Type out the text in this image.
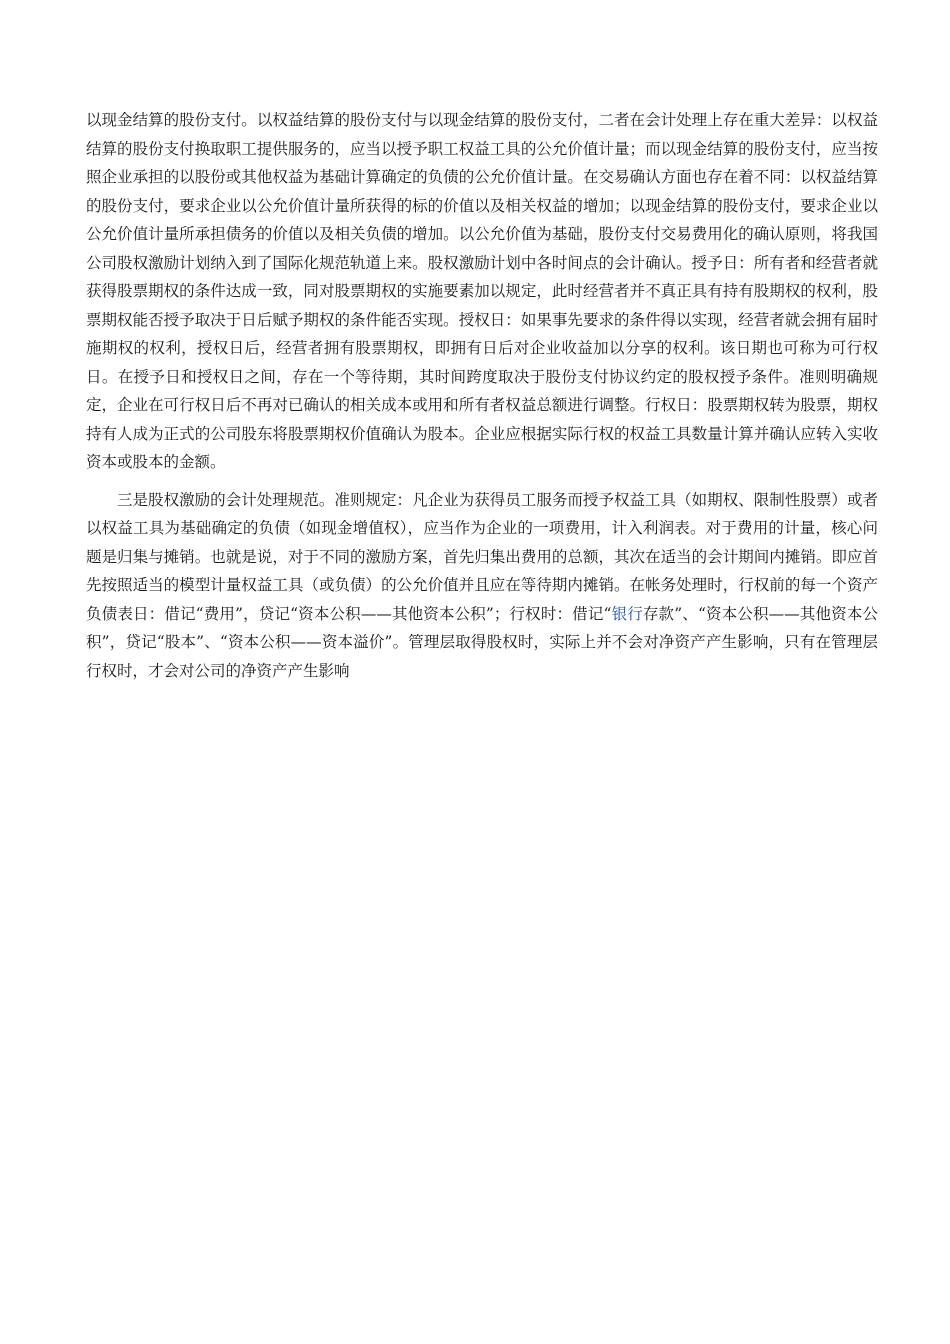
以现金结算的股份支付。以权益结算的股份支付与以现金结算的股份支付，二者在会计处理上存在重大差异：以权益结算的股份支付换取职工提供服务的，应当以授予职工权益工具的公允价值计量；而以现金结算的股份支付，应当按照企业承担的以股份或其他权益为基础计算确定的负债的公允价值计量。在交易确认方面也存在着不同：以权益结算的股份支付，要求企业以公允价值计量所获得的标的价值以及相关权益的增加；以现金结算的股份支付，要求企业以公允价值计量所承担债务的价值以及相关负债的增加。以公允价值为基础，股份支付交易费用化的确认原则，将我国公司股权激励计划纳入到了国际化规范轨道上来。股权激励计划中各时间点的会计确认。授予日：所有者和经营者就获得股票期权的条件达成一致，同对股票期权的实施要素加以规定，此时经营者并不真正具有持有股期权的权利，股票期权能否授予取决于日后赋予期权的条件能否实现。授权日：如果事先要求的条件得以实现，经营者就会拥有届时施期权的权利，授权日后，经营者拥有股票期权，即拥有日后对企业收益加以分享的权利。该日期也可称为可行权日。在授予日和授权日之间，存在一个等待期，其时间跨度取决于股份支付协议约定的股权授予条件。准则明确规定，企业在可行权日后不再对已确认的相关成本或用和所有者权益总额进行调整。行权日：股票期权转为股票，期权持有人成为正式的公司股东将股票期权价值确认为股本。企业应根据实际行权的权益工具数量计算并确认应转入实收资本或股本的金额。

三是股权激励的会计处理规范。准则规定：凡企业为获得员工服务而授予权益工具（如期权、限制性股票）或者以权益工具为基础确定的负债（如现金增值权），应当作为企业的一项费用，计入利润表。对于费用的计量，核心问题是归集与摊销。也就是说，对于不同的激励方案，首先归集出费用的总额，其次在适当的会计期间内摊销。即应首先按照适当的模型计量权益工具（或负债）的公允价值并且应在等待期内摊销。在帐务处理时，行权前的每一个资产负债表日：借记“费用”，贷记“资本公积——其他资本公积”；行权时：借记“银行存款”、“资本公积——其他资本公积”，贷记“股本”、“资本公积——资本溢价”。管理层取得股权时，实际上并不会对净资产产生影响，只有在管理层行权时，才会对公司的净资产产生影响
